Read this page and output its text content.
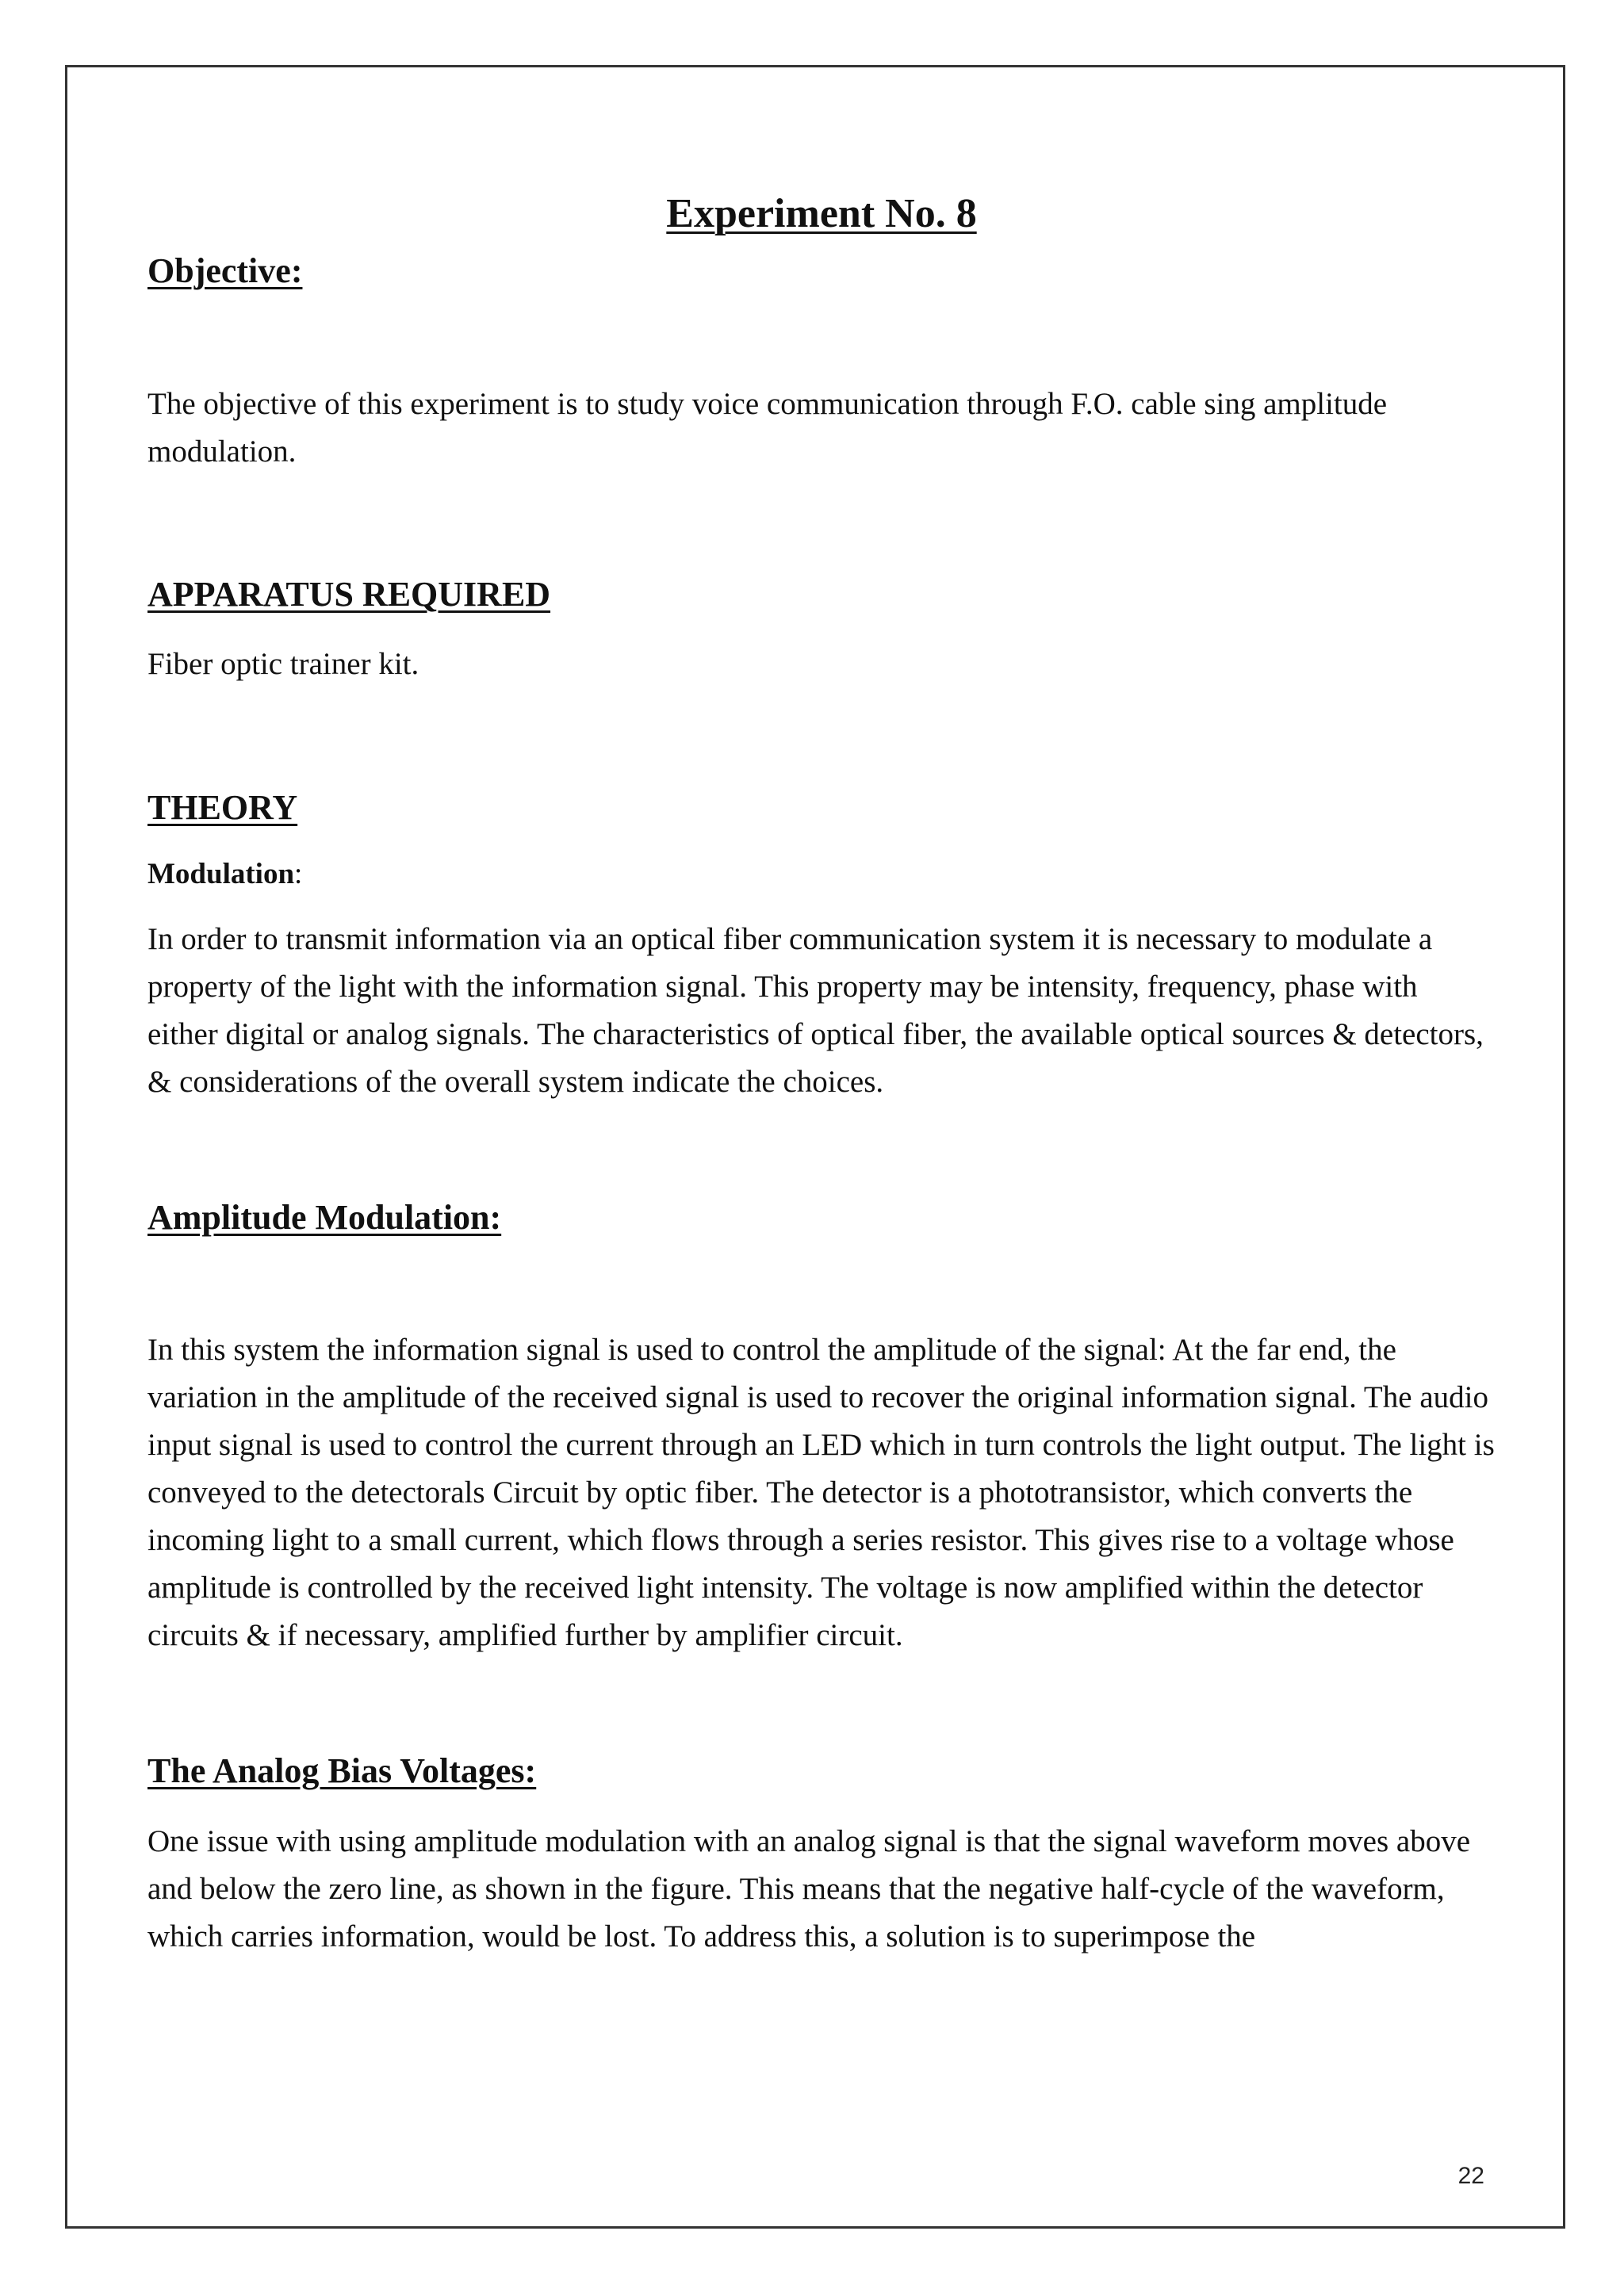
Experiment No. 8
Objective:

The objective of this experiment is to study voice communication through F.O. cable sing amplitude modulation.

APPARATUS REQUIRED

Fiber optic trainer kit.

THEORY

Modulation:

In order to transmit information via an optical fiber communication system it is necessary to modulate a property of the light with the information signal. This property may be intensity, frequency, phase with either digital or analog signals. The characteristics of optical fiber, the available optical sources & detectors, & considerations of the overall system indicate the choices.

Amplitude Modulation:

In this system the information signal is used to control the amplitude of the signal: At the far end, the variation in the amplitude of the received signal is used to recover the original information signal. The audio input signal is used to control the current through an LED which in turn controls the light output. The light is conveyed to the detectorals Circuit by optic fiber. The detector is a phototransistor, which converts the incoming light to a small current, which flows through a series resistor. This gives rise to a voltage whose amplitude is controlled by the received light intensity. The voltage is now amplified within the detector circuits & if necessary, amplified further by amplifier circuit.

The Analog Bias Voltages:

One issue with using amplitude modulation with an analog signal is that the signal waveform moves above and below the zero line, as shown in the figure. This means that the negative half-cycle of the waveform, which carries information, would be lost. To address this, a solution is to superimpose the

22
